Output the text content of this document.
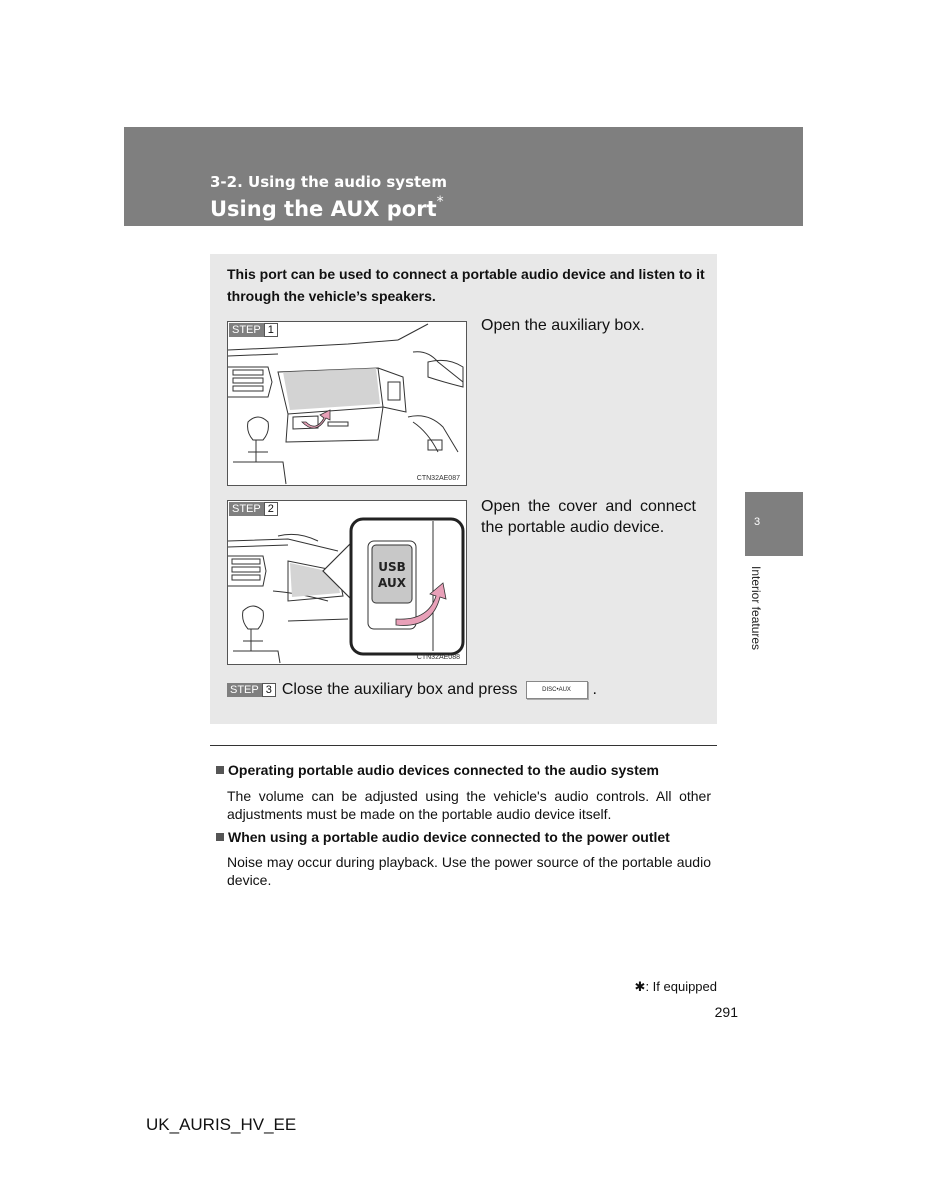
3-2. Using the audio system
Using the AUX port*
This port can be used to connect a portable audio device and listen to it through the vehicle’s speakers.
STEP 1
CTN32AE087
Open the auxiliary box.
STEP 2
USB
AUX
CTN32AE088
Open the cover and connect the portable audio device.
STEP 3 Close the auxiliary box and press	DISC•AUX	.
Operating portable audio devices connected to the audio system
The volume can be adjusted using the vehicle's audio controls. All other adjustments must be made on the portable audio device itself.
When using a portable audio device connected to the power outlet
Noise may occur during playback. Use the power source of the portable audio device.
✱: If equipped
291
UK_AURIS_HV_EE
3
Interior features
